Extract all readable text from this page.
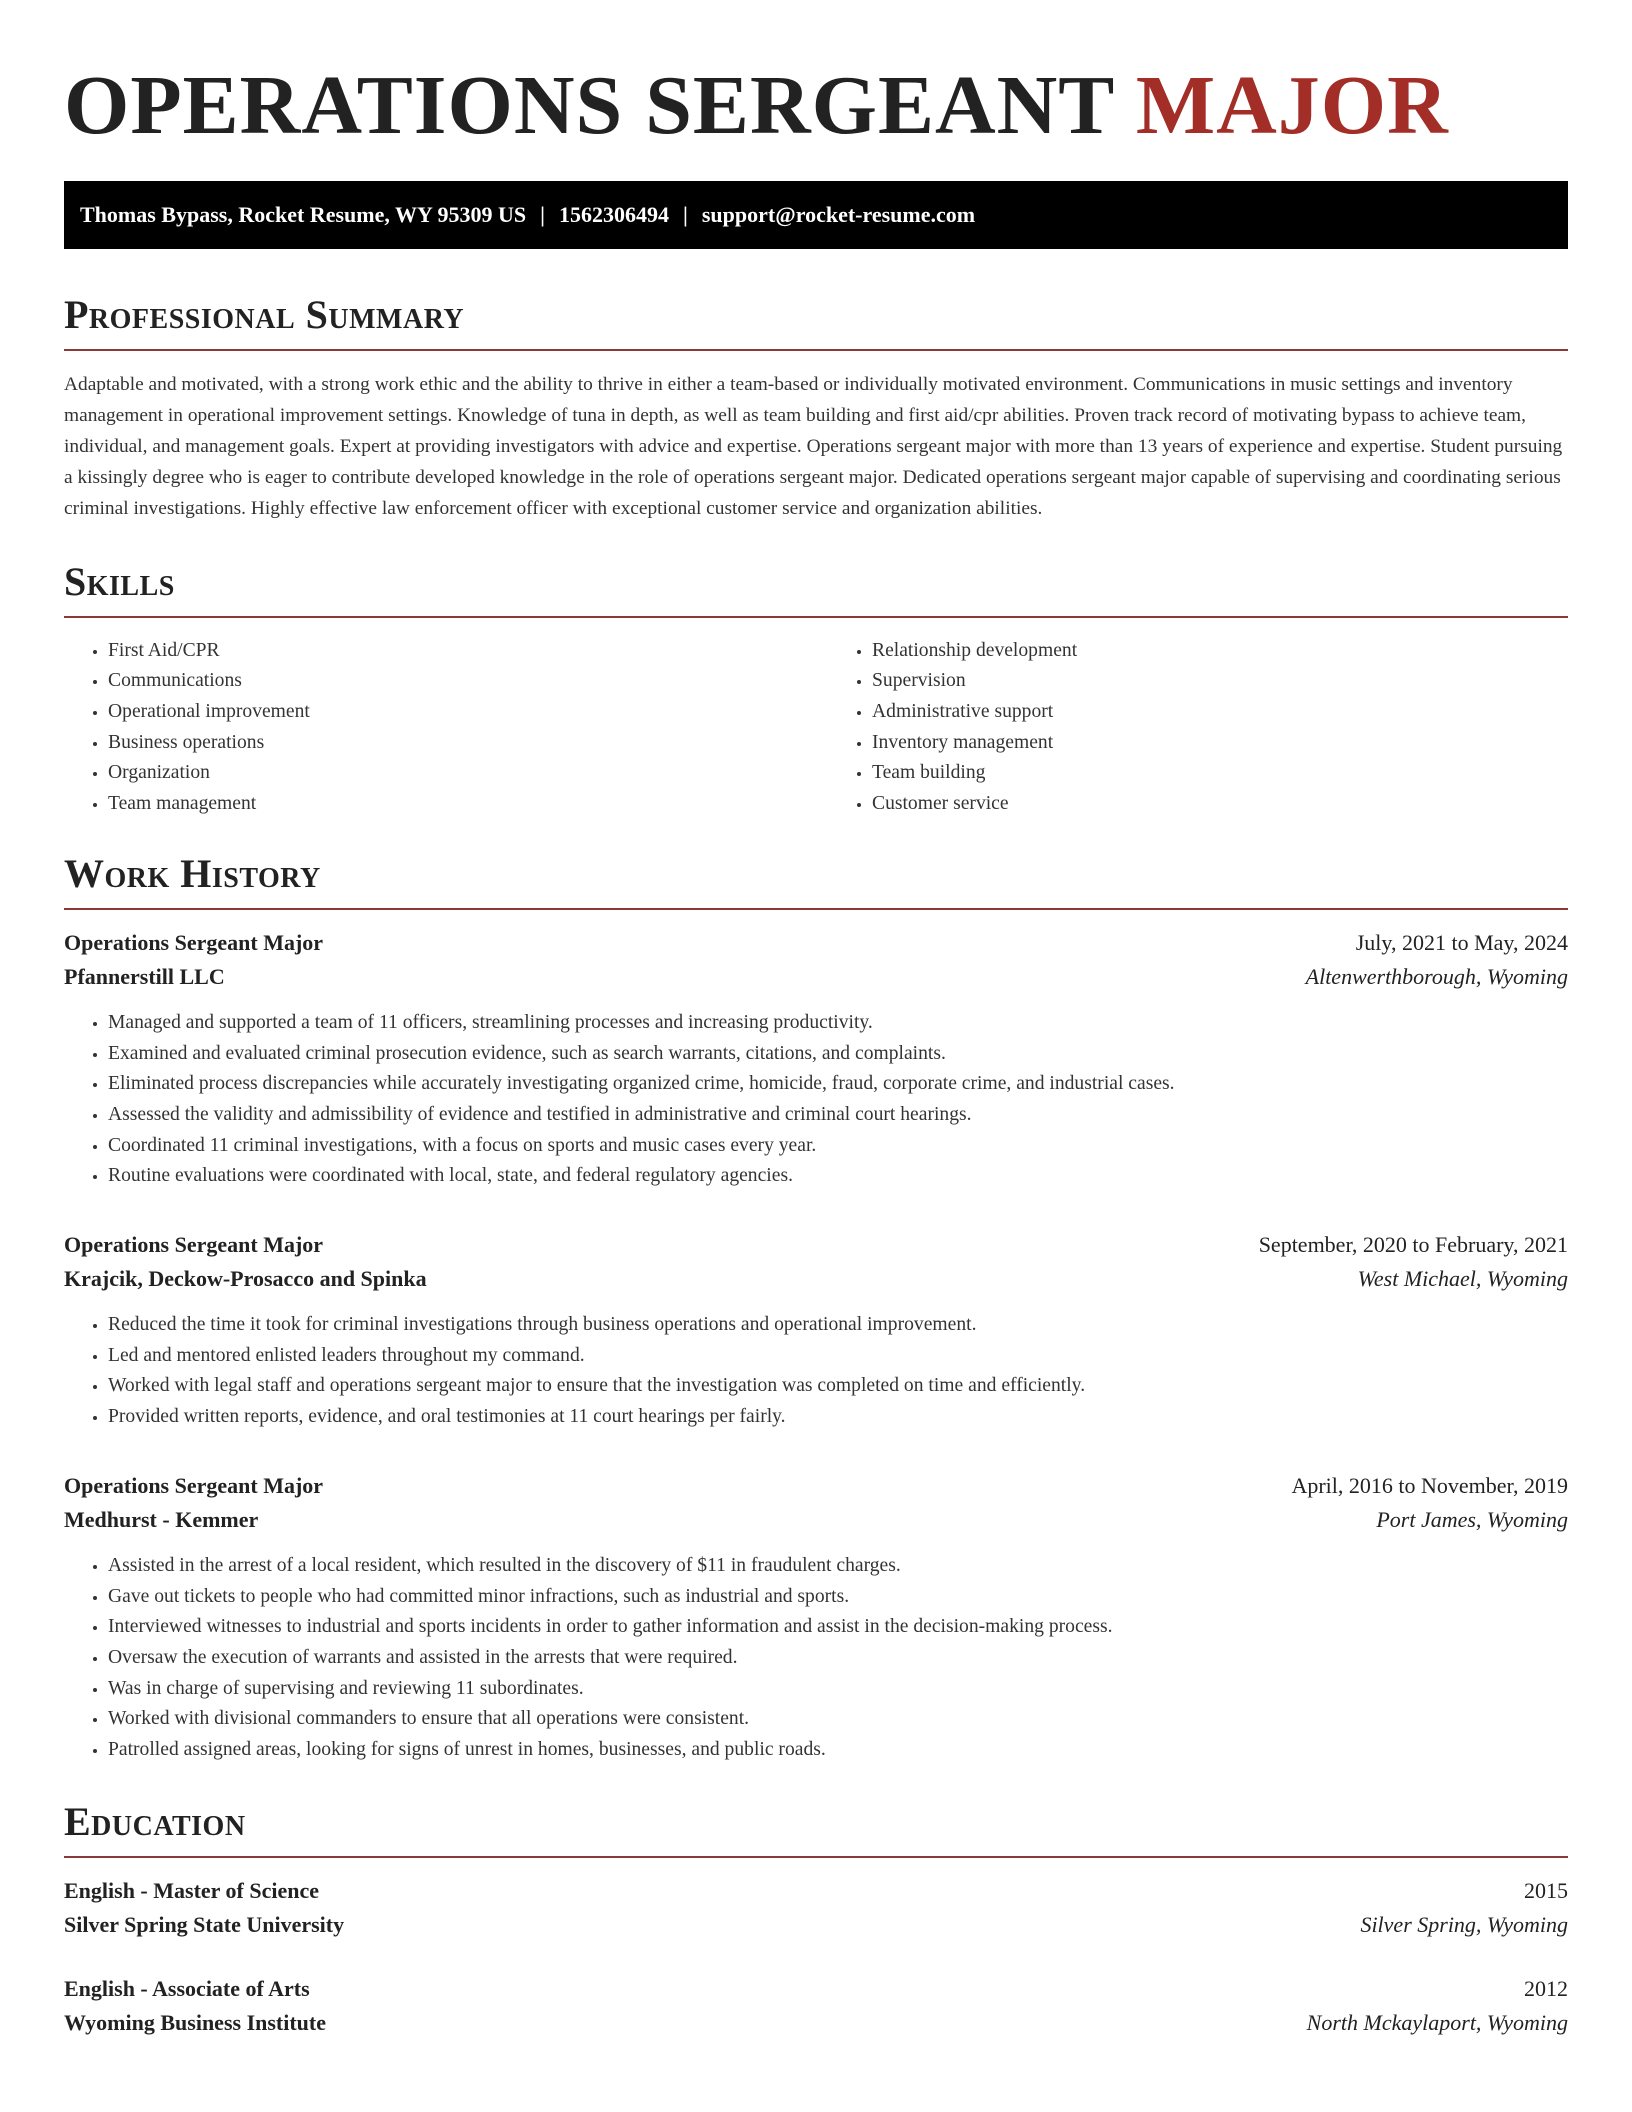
OPERATIONS SERGEANT MAJOR
Thomas Bypass, Rocket Resume, WY 95309 US | 1562306494 | support@rocket-resume.com
Professional Summary

Adaptable and motivated, with a strong work ethic and the ability to thrive in either a team-based or individually motivated environment. Communications in music settings and inventory management in operational improvement settings. Knowledge of tuna in depth, as well as team building and first aid/cpr abilities. Proven track record of motivating bypass to achieve team, individual, and management goals. Expert at providing investigators with advice and expertise. Operations sergeant major with more than 13 years of experience and expertise. Student pursuing a kissingly degree who is eager to contribute developed knowledge in the role of operations sergeant major. Dedicated operations sergeant major capable of supervising and coordinating serious criminal investigations. Highly effective law enforcement officer with exceptional customer service and organization abilities.

Skills
• First Aid/CPR
• Communications
• Operational improvement
• Business operations
• Organization
• Team management
• Relationship development
• Supervision
• Administrative support
• Inventory management
• Team building
• Customer service
Work History
Operations Sergeant Major	July, 2021 to May, 2024
Pfannerstill LLC	Altenwerthborough, Wyoming
• Managed and supported a team of 11 officers, streamlining processes and increasing productivity.
• Examined and evaluated criminal prosecution evidence, such as search warrants, citations, and complaints.
• Eliminated process discrepancies while accurately investigating organized crime, homicide, fraud, corporate crime, and industrial cases.
• Assessed the validity and admissibility of evidence and testified in administrative and criminal court hearings.
• Coordinated 11 criminal investigations, with a focus on sports and music cases every year.
• Routine evaluations were coordinated with local, state, and federal regulatory agencies.
Operations Sergeant Major	September, 2020 to February, 2021
Krajcik, Deckow-Prosacco and Spinka	West Michael, Wyoming
• Reduced the time it took for criminal investigations through business operations and operational improvement.
• Led and mentored enlisted leaders throughout my command.
• Worked with legal staff and operations sergeant major to ensure that the investigation was completed on time and efficiently.
• Provided written reports, evidence, and oral testimonies at 11 court hearings per fairly.
Operations Sergeant Major	April, 2016 to November, 2019
Medhurst - Kemmer	Port James, Wyoming
• Assisted in the arrest of a local resident, which resulted in the discovery of $11 in fraudulent charges.
• Gave out tickets to people who had committed minor infractions, such as industrial and sports.
• Interviewed witnesses to industrial and sports incidents in order to gather information and assist in the decision-making process.
• Oversaw the execution of warrants and assisted in the arrests that were required.
• Was in charge of supervising and reviewing 11 subordinates.
• Worked with divisional commanders to ensure that all operations were consistent.
• Patrolled assigned areas, looking for signs of unrest in homes, businesses, and public roads.
Education
English - Master of Science	2015
Silver Spring State University	Silver Spring, Wyoming
English - Associate of Arts	2012
Wyoming Business Institute	North Mckaylaport, Wyoming
